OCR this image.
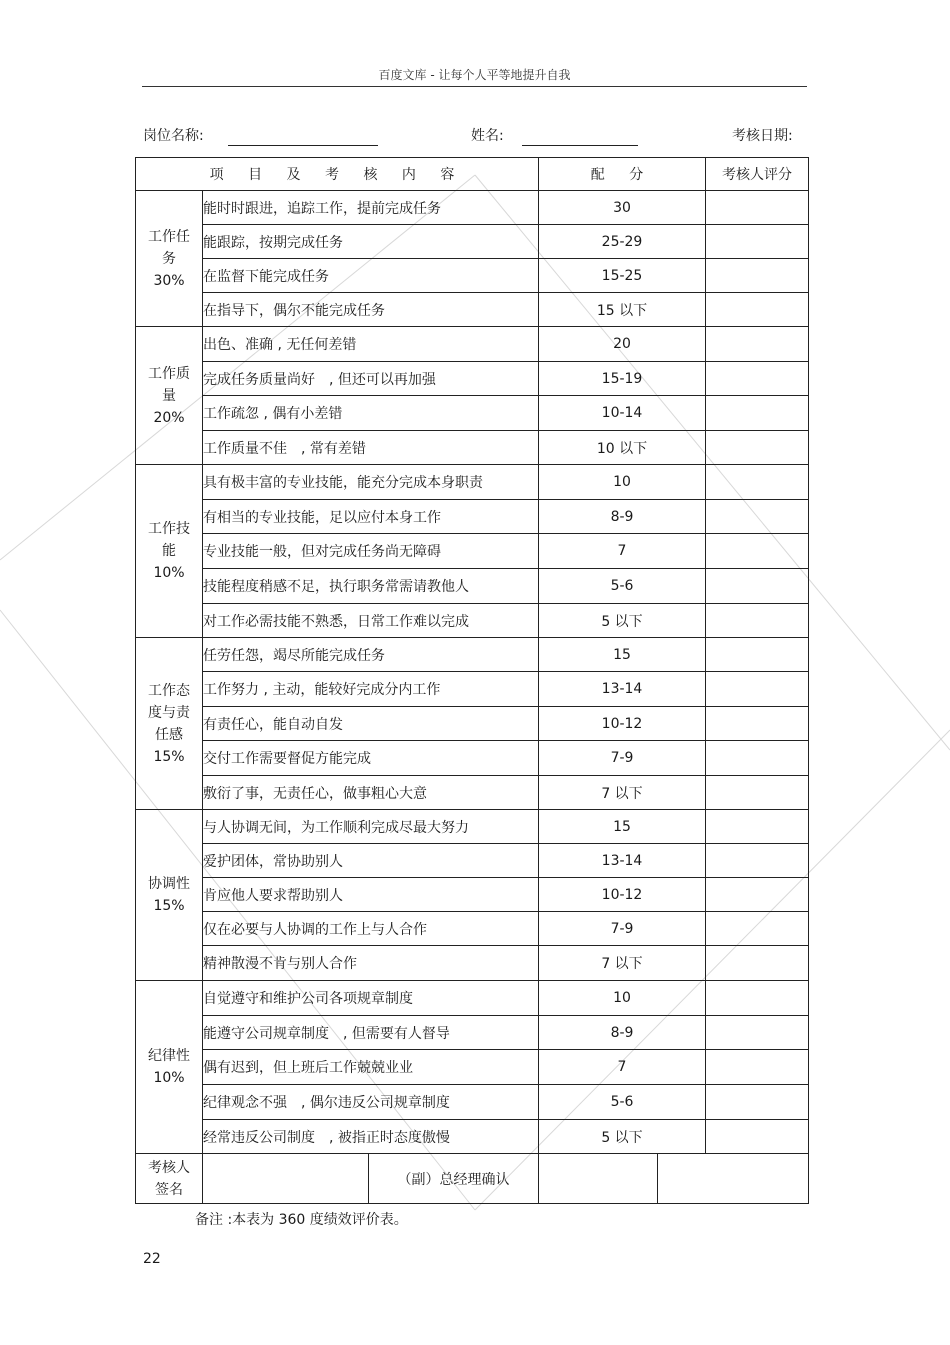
百度文库 - 让每个人平等地提升自我
岗位名称:	姓名:	考核日期:
项 目 及 考 核 内 容			配 分		考核人评分

工作任
务
30%	能时时跟进，追踪工作，提前完成任务		30		
	能跟踪，按期完成任务		25-29		
	在监督下能完成任务		15-25		
	在指导下，偶尔不能完成任务		15 以下		

工作质
量
20%	出色、准确 , 无任何差错		20		
	完成任务质量尚好　, 但还可以再加强		15-19		
	工作疏忽 , 偶有小差错		10-14		
	工作质量不佳　, 常有差错		10 以下		

工作技
能
10%	具有极丰富的专业技能，能充分完成本身职责		10		
	有相当的专业技能，足以应付本身工作		8-9		
	专业技能一般，但对完成任务尚无障碍		7		
	技能程度稍感不足，执行职务常需请教他人		5-6		
	对工作必需技能不熟悉，日常工作难以完成		5 以下		

工作态
度与责
任感
15%	任劳任怨，竭尽所能完成任务		15		
	工作努力 , 主动，能较好完成分内工作		13-14		
	有责任心，能自动自发		10-12		
	交付工作需要督促方能完成		7-9		
	敷衍了事，无责任心，做事粗心大意		7 以下		

协调性
15%	与人协调无间，为工作顺利完成尽最大努力		15		
	爱护团体，常协助别人		13-14		
	肯应他人要求帮助别人		10-12		
	仅在必要与人协调的工作上与人合作		7-9		
	精神散漫不肯与别人合作		7 以下		

纪律性
10%	自觉遵守和维护公司各项规章制度		10		
	能遵守公司规章制度　, 但需要有人督导		8-9		
	偶有迟到，但上班后工作兢兢业业		7		
	纪律观念不强　, 偶尔违反公司规章制度		5-6		
	经常违反公司制度　, 被指正时态度傲慢		5 以下		

考核人
签名		（副）总经理确认			
备注 :本表为 360 度绩效评价表。
22
